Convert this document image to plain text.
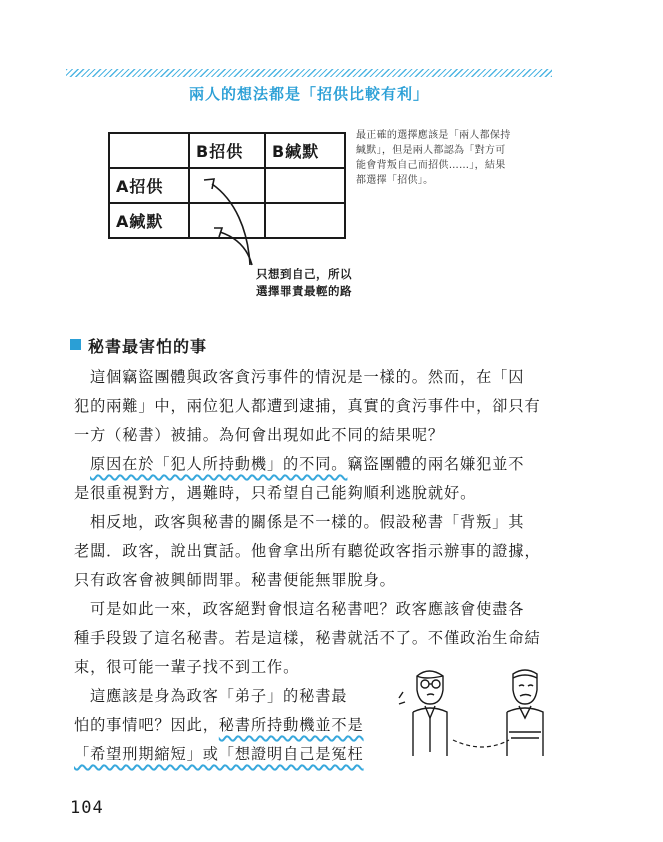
兩人的想法都是「招供比較有利」
	B招供	B緘默
A招供		
A緘默		
最正確的選擇應該是「兩人都保持
緘默」，但是兩人都認為「對方可
能會背叛自己而招供……」，結果
都選擇「招供」。
只想到自己，所以
選擇罪責最輕的路
秘書最害怕的事
這個竊盜團體與政客貪污事件的情況是一樣的。然而，在「囚
犯的兩難」中，兩位犯人都遭到逮捕，真實的貪污事件中，卻只有
一方（秘書）被捕。為何會出現如此不同的結果呢？
原因在於「犯人所持動機」的不同。竊盜團體的兩名嫌犯並不
是很重視對方，遇難時，只希望自己能夠順利逃脫就好。
相反地，政客與秘書的關係是不一樣的。假設秘書「背叛」其
老闆．政客，說出實話。他會拿出所有聽從政客指示辦事的證據，
只有政客會被興師問罪。秘書便能無罪脫身。
可是如此一來，政客絕對會恨這名秘書吧？政客應該會使盡各
種手段毀了這名秘書。若是這樣，秘書就活不了。不僅政治生命結
束，很可能一輩子找不到工作。
這應該是身為政客「弟子」的秘書最
怕的事情吧？因此，秘書所持動機並不是
「希望刑期縮短」或「想證明自己是冤枉
104
